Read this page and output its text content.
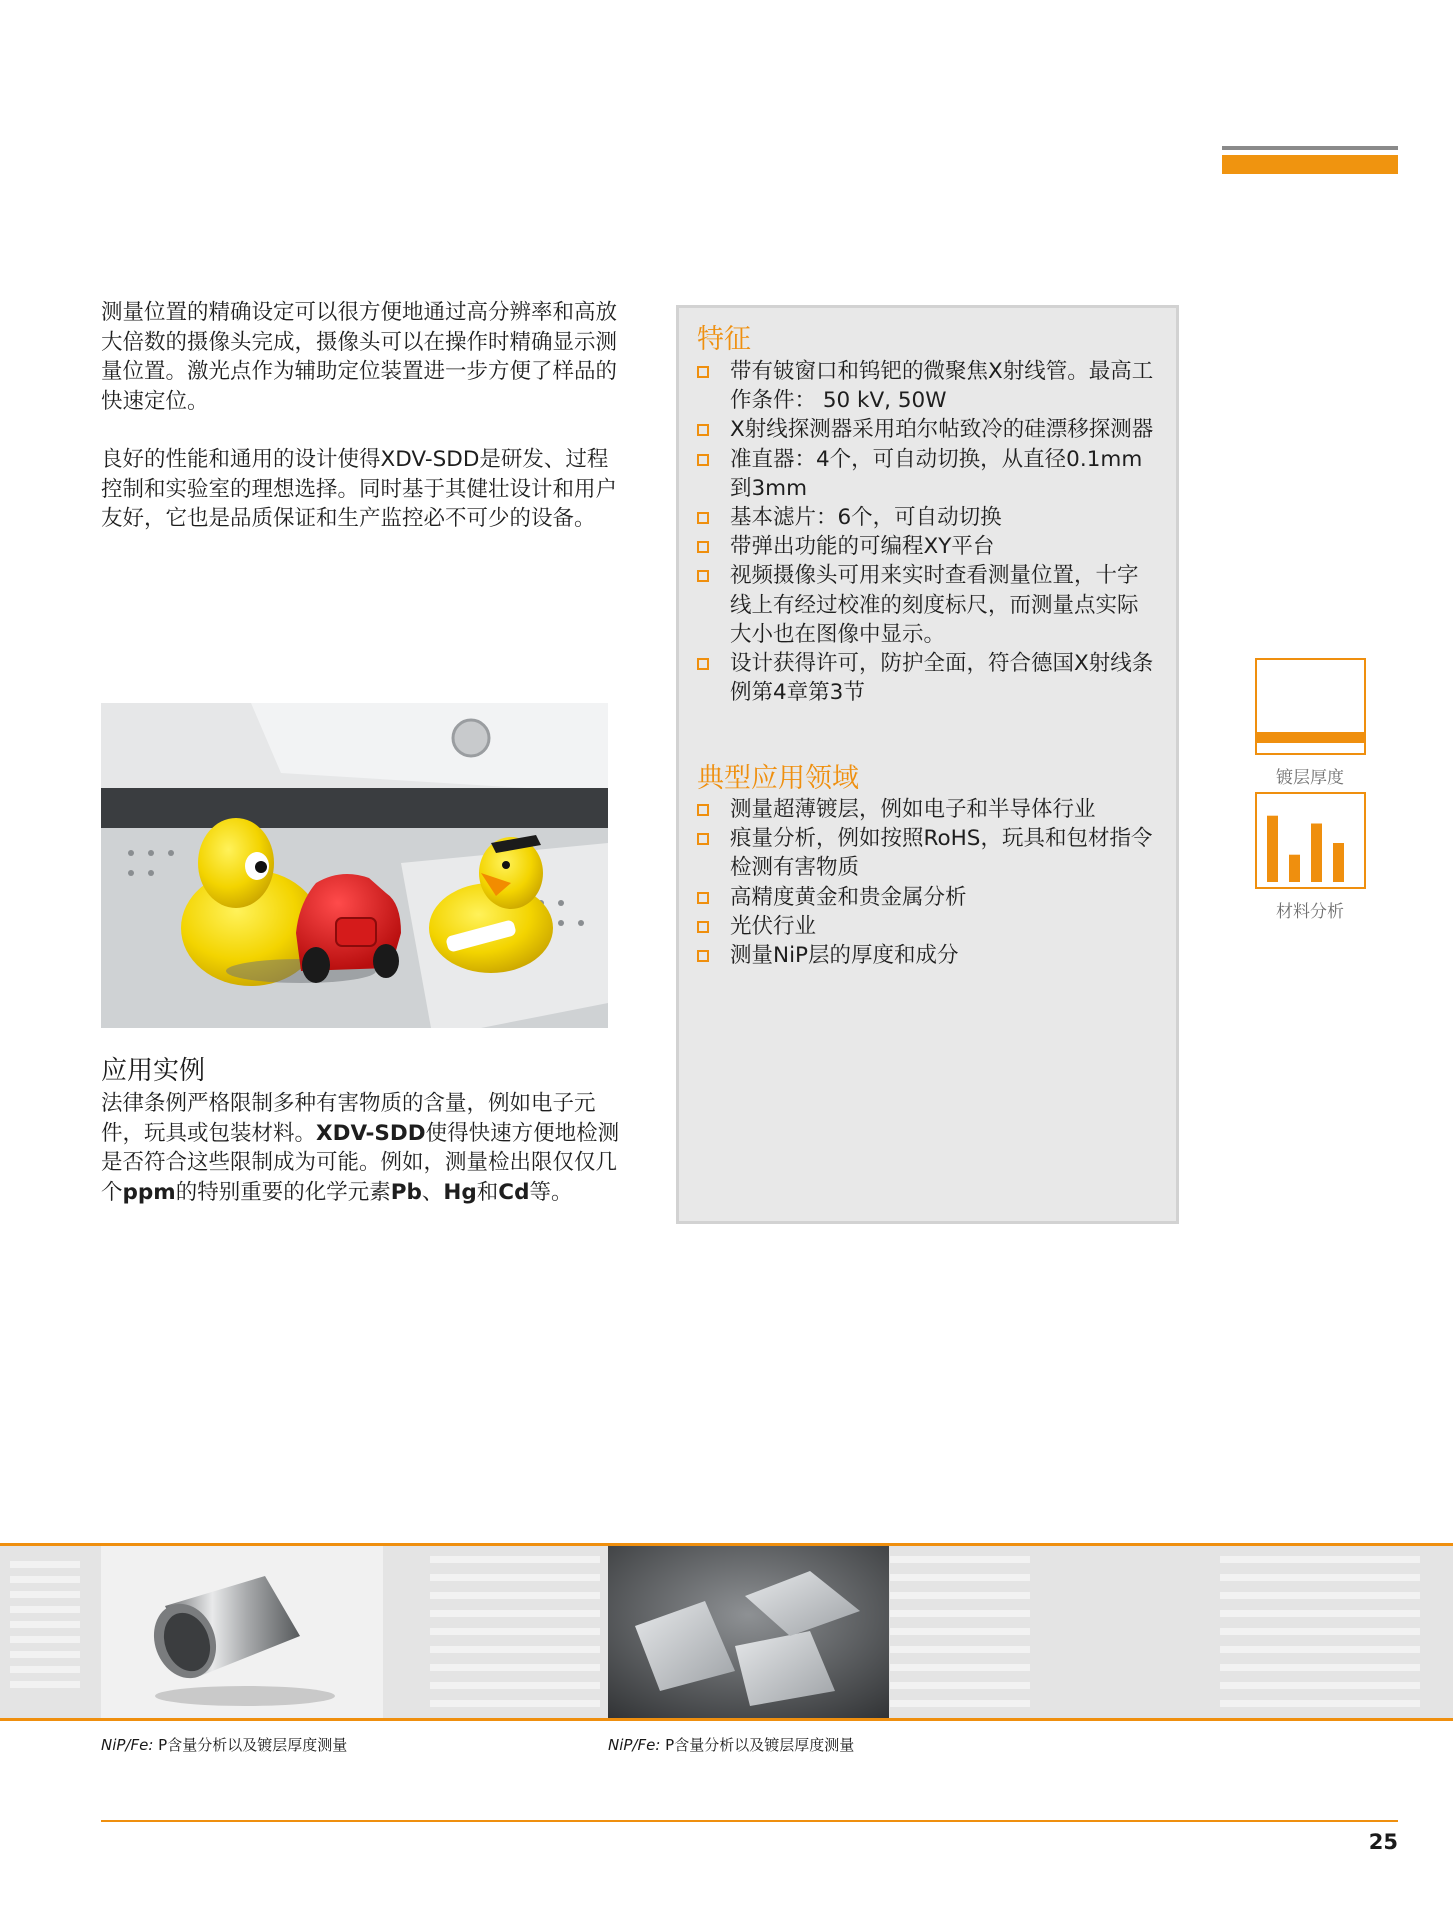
测量位置的精确设定可以很方便地通过高分辨率和高放大倍数的摄像头完成，摄像头可以在操作时精确显示测量位置。激光点作为辅助定位装置进一步方便了样品的快速定位。
良好的性能和通用的设计使得XDV-SDD是研发、过程控制和实验室的理想选择。同时基于其健壮设计和用户友好，它也是品质保证和生产监控必不可少的设备。
应用实例
法律条例严格限制多种有害物质的含量，例如电子元件，玩具或包装材料。XDV-SDD使得快速方便地检测是否符合这些限制成为可能。例如，测量检出限仅仅几个ppm的特别重要的化学元素Pb、Hg和Cd等。
特征
带有铍窗口和钨钯的微聚焦X射线管。最高工作条件： 50 kV, 50W
X射线探测器采用珀尔帖致冷的硅漂移探测器
准直器：4个，可自动切换，从直径0.1mm到3mm
基本滤片：6个，可自动切换
带弹出功能的可编程XY平台
视频摄像头可用来实时查看测量位置，十字线上有经过校准的刻度标尺，而测量点实际大小也在图像中显示。
设计获得许可，防护全面，符合德国X射线条例第4章第3节
典型应用领域
测量超薄镀层，例如电子和半导体行业
痕量分析，例如按照RoHS，玩具和包材指令检测有害物质
高精度黄金和贵金属分析
光伏行业
测量NiP层的厚度和成分
镀层厚度
材料分析
NiP/Fe: P含量分析以及镀层厚度测量	NiP/Fe: P含量分析以及镀层厚度测量
25
